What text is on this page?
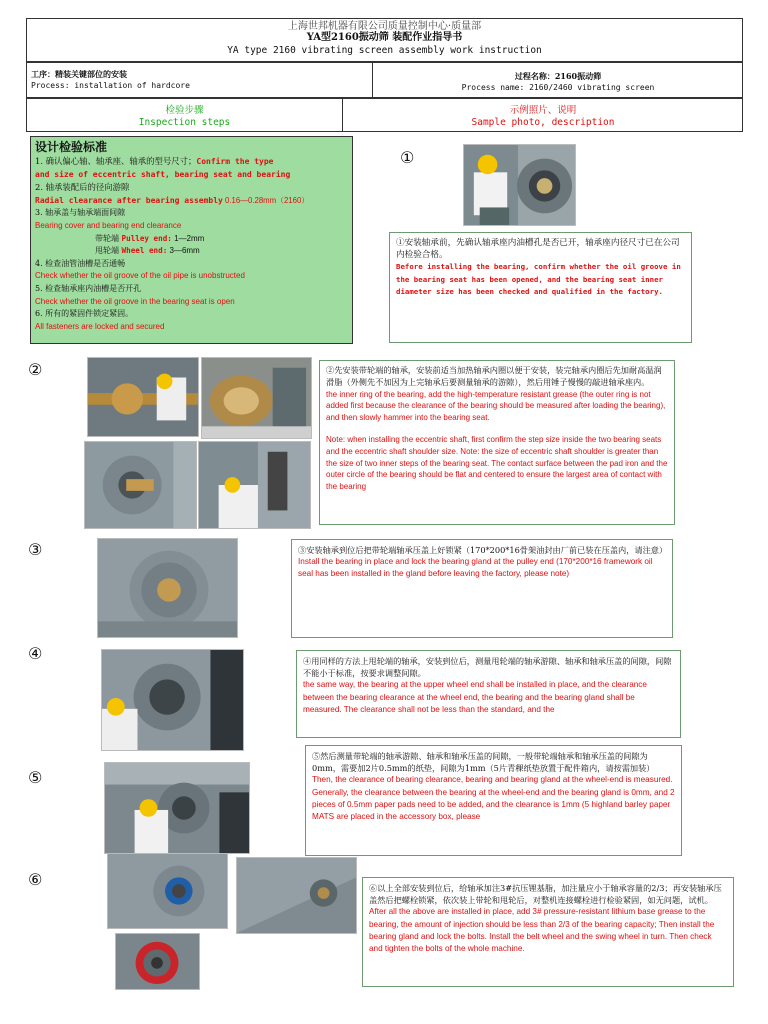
上海世邦机器有限公司质量控制中心·质量部
YA型2160振动筛 装配作业指导书
YA type 2160 vibrating screen assembly work instruction
工序：精装关键部位的安装
Process: installation of hardcore
过程名称：2160振动筛
Process name: 2160/2460 vibrating screen
检验步骤
Inspection steps
示例照片、说明
Sample photo, description

设计检验标准

1. 确认偏心轴、轴承座、轴承的型号尺寸；Confirm the type

and size of eccentric shaft, bearing seat and bearing

2. 轴承装配后的径向游隙

Radial clearance after bearing assembly 0.16—0.28mm（2160）

3. 轴承盖与轴承端面间隙

Bearing cover and bearing end clearance

带轮端 Pulley end: 1—2mm

甩轮端 Wheel end: 3—6mm

4. 检查油管油槽是否通畅

Check whether the oil groove of the oil pipe is unobstructed

5. 检查轴承座内油槽是否开孔

Check whether the oil groove in the bearing seat is open

6. 所有的紧固件锁定紧固。

All fasteners are locked and secured

①
①安装轴承前，先确认轴承座内油槽孔是否已开，轴承座内径尺寸已在公司内检验合格。
Before installing the bearing, confirm whether the oil groove in the bearing seat has been opened, and the bearing seat inner diameter size has been checked and qualified in the factory.
②	②先安装带轮端的轴承，安装前适当加热轴承内圈以便于安装，装完轴承内圈后先加耐高温润滑脂（外侧先不加因为上完轴承后要测量轴承的游隙），然后用锤子慢慢的敲进轴承座内。
the inner ring of the bearing, add the high-temperature resistant grease (the outer ring is not added first because the clearance of the bearing should be measured after loading the bearing), and then slowly hammer into the bearing seat.
Note: when installing the eccentric shaft, first confirm the step size inside the two bearing seats and the eccentric shaft shoulder size. Note: the size of eccentric shaft shoulder is greater than the size of two inner steps of the bearing seat. The contact surface between the pad iron and the outer circle of the bearing should be flat and centered to ensure the largest area of contact with the bearing
③	③安装轴承到位后把带轮端轴承压盖上好锁紧（170*200*16骨架油封由厂前已装在压盖内，请注意）
Install the bearing in place and lock the bearing gland at the pulley end (170*200*16 framework oil seal has been installed in the gland before leaving the factory, please note)
④	④用同样的方法上甩轮端的轴承，安装到位后，测量甩轮端的轴承游隙、轴承和轴承压盖的间隙，间隙不能小于标准，按要求调整间隙。
the same way, the bearing at the upper wheel end shall be installed in place, and the clearance between the bearing clearance at the wheel end, the bearing and the bearing gland shall be measured. The clearance shall not be less than the standard, and the
⑤
⑤然后测量带轮端的轴承游隙、轴承和轴承压盖的间隙，一般带轮端轴承和轴承压盖的间隙为0mm，需要加2片0.5mm的纸垫，间隙为1mm（5片青稞纸垫放置于配件箱内，请按需加装）
Then, the clearance of bearing clearance, bearing and bearing gland at the wheel-end is measured. Generally, the clearance between the bearing at the wheel-end and the bearing gland is 0mm, and 2 pieces of 0.5mm paper pads need to be added, and the clearance is 1mm (5 highland barley paper MATS are placed in the accessory box, please
⑥	⑥以上全部安装到位后，给轴承加注3#抗压锂基脂，加注量应小于轴承容量的2/3；再安装轴承压盖然后把螺栓锁紧，依次装上带轮和甩轮后，对整机连接螺栓进行检验紧固，如无问题，试机。
After all the above are installed in place, add 3# pressure-resistant lithium base grease to the bearing, the amount of injection should be less than 2/3 of the bearing capacity; Then install the bearing gland and lock the bolts. Install the belt wheel and the swing wheel in turn. Then check and tighten the bolts of the whole machine.
